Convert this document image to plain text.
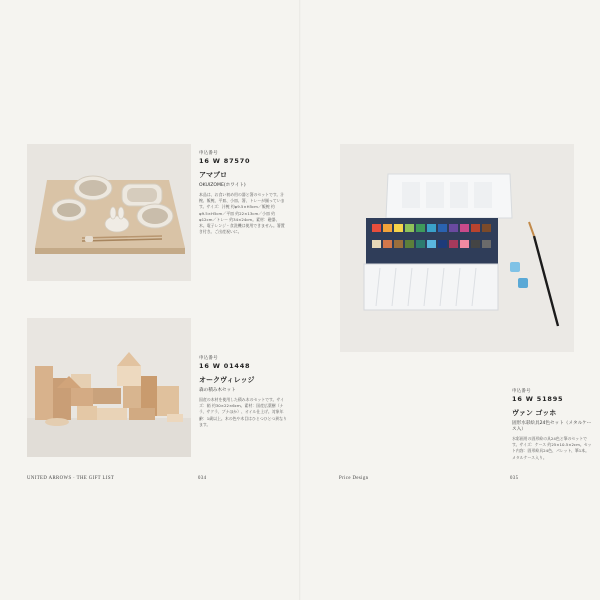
申込番号
16 W 87570
アマブロ
OKUIZOME(ホワイト)
本品は、お食い初め用の器と箸のセットです。汁椀、飯椀、平皿、小皿、箸、トレーが揃っています。サイズ：汁椀 約φ9.5×H5cm／飯椀 約φ9.5×H5cm／平皿 約22×13cm／小皿 約φ12cm／トレー 約34×24cm。素材：磁器、木。電子レンジ・食洗機は使用できません。箸置き付き。ご出産祝いに。
申込番号
16 W 01448
オークヴィレッジ
森の積み木セット
国産の木材を使用した積み木のセットです。サイズ：箱 約30×22×6cm。素材：国産広葉樹（ナラ、サクラ、ブナほか）、オイル仕上げ。対象年齢：1歳以上。木の色や木目はひとつひとつ異なります。
UNITED ARROWS · THE GIFT LIST	034
申込番号
16 W 51895
ヴァン ゴッホ
固形水彩絵具24色セット（メタルケース入）
水彩画用の固形絵の具24色と筆のセットです。サイズ：ケース 約25×10.5×2cm。セット内容：固形絵具24色、パレット、筆1本。メタルケース入り。
Price Design	035
